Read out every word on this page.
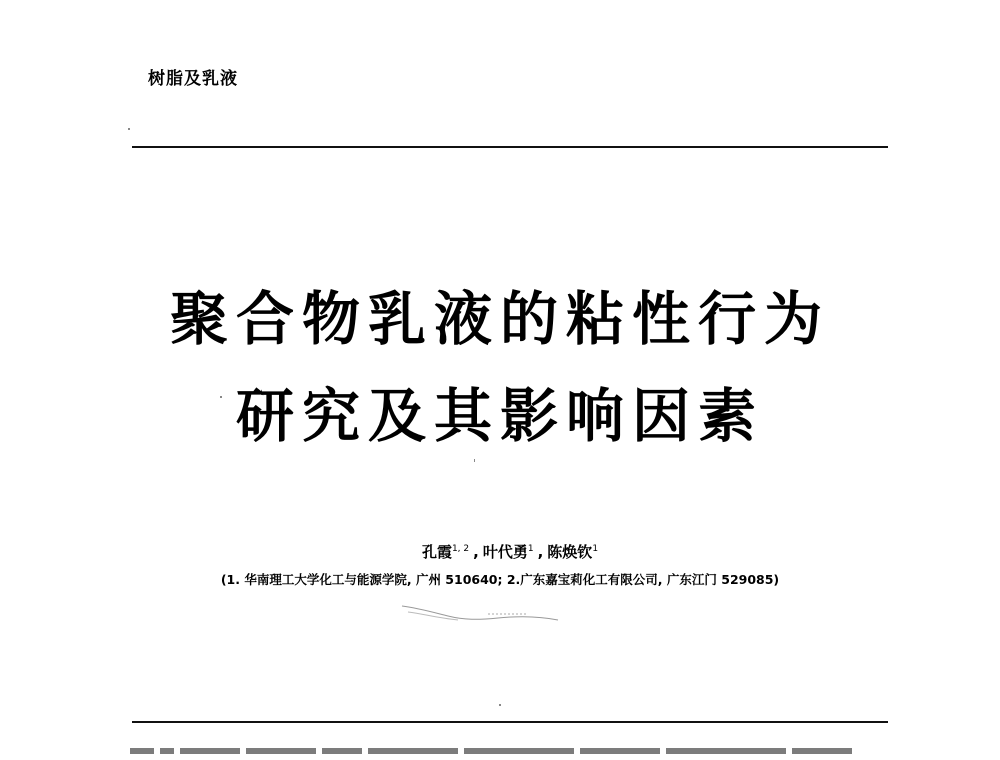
树脂及乳液
聚合物乳液的粘性行为
研究及其影响因素
孔霞$^{1, 2}$ , 叶代勇$^1$ , 陈焕钦$^1$
(1. 华南理工大学化工与能源学院, 广州 510640; 2.广东嘉宝莉化工有限公司, 广东江门 529085)
